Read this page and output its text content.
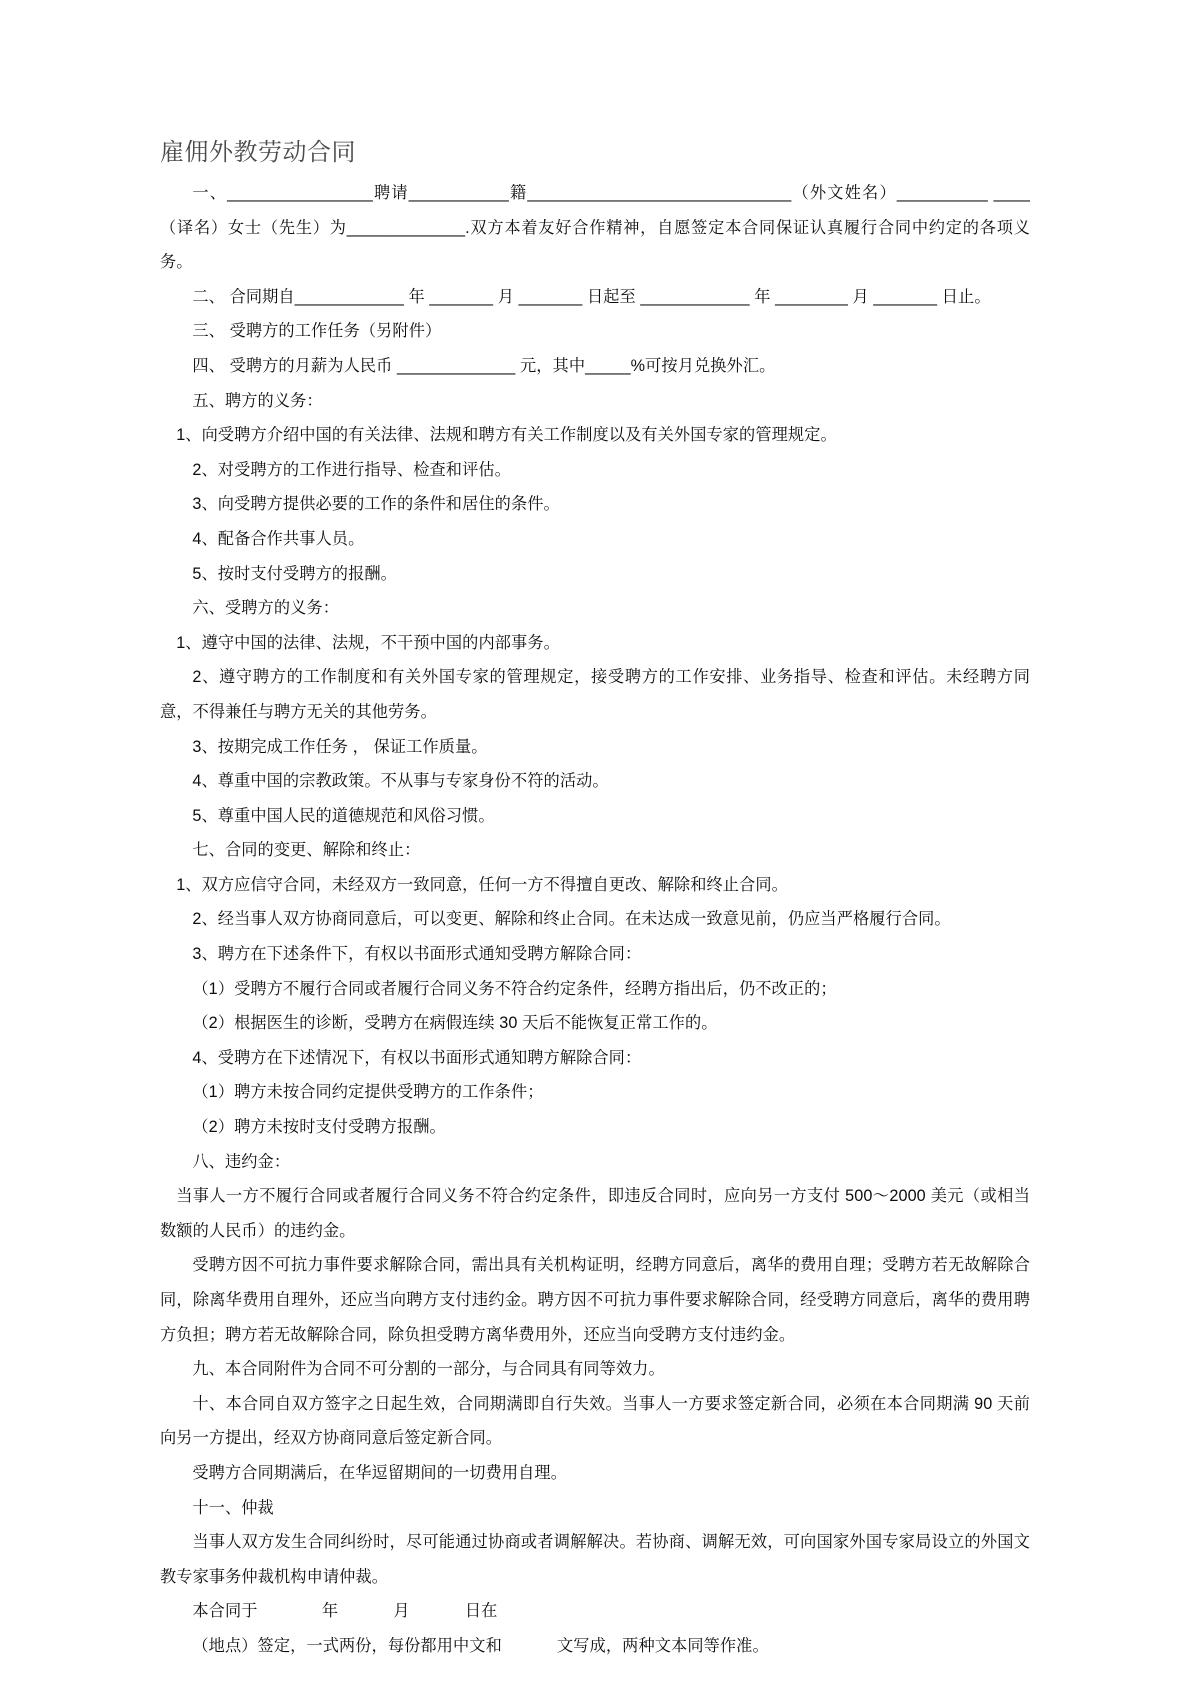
雇佣外教劳动合同

一、________________聘请___________籍_____________________________（外文姓名）__________ ____（译名）女士（先生）为_____________.双方本着友好合作精神，自愿签定本合同保证认真履行合同中约定的各项义务。

二、 合同期自____________ 年 _______ 月 _______ 日起至 ____________ 年 ________ 月 _______ 日止。

三、 受聘方的工作任务（另附件）

四、 受聘方的月薪为人民币 _____________ 元，其中_____%可按月兑换外汇。

五、聘方的义务：

1、向受聘方介绍中国的有关法律、法规和聘方有关工作制度以及有关外国专家的管理规定。

2、对受聘方的工作进行指导、检查和评估。

3、向受聘方提供必要的工作的条件和居住的条件。

4、配备合作共事人员。

5、按时支付受聘方的报酬。

六、受聘方的义务：

1、遵守中国的法律、法规，不干预中国的内部事务。

2、遵守聘方的工作制度和有关外国专家的管理规定，接受聘方的工作安排、业务指导、检查和评估。未经聘方同意，不得兼任与聘方无关的其他劳务。

3、按期完成工作任务 ， 保证工作质量。

4、尊重中国的宗教政策。不从事与专家身份不符的活动。

5、尊重中国人民的道德规范和风俗习惯。

七、合同的变更、解除和终止：

1、双方应信守合同，未经双方一致同意，任何一方不得擅自更改、解除和终止合同。

2、经当事人双方协商同意后，可以变更、解除和终止合同。在未达成一致意见前，仍应当严格履行合同。

3、聘方在下述条件下，有权以书面形式通知受聘方解除合同：

（1）受聘方不履行合同或者履行合同义务不符合约定条件，经聘方指出后，仍不改正的；

（2）根据医生的诊断，受聘方在病假连续 30 天后不能恢复正常工作的。

4、受聘方在下述情况下，有权以书面形式通知聘方解除合同：

（1）聘方未按合同约定提供受聘方的工作条件；

（2）聘方未按时支付受聘方报酬。

八、违约金：

当事人一方不履行合同或者履行合同义务不符合约定条件，即违反合同时，应向另一方支付 500～2000 美元（或相当数额的人民币）的违约金。

受聘方因不可抗力事件要求解除合同，需出具有关机构证明，经聘方同意后，离华的费用自理；受聘方若无故解除合同，除离华费用自理外，还应当向聘方支付违约金。聘方因不可抗力事件要求解除合同，经受聘方同意后，离华的费用聘方负担；聘方若无故解除合同，除负担受聘方离华费用外，还应当向受聘方支付违约金。

九、本合同附件为合同不可分割的一部分，与合同具有同等效力。

十、本合同自双方签字之日起生效，合同期满即自行失效。当事人一方要求签定新合同，必须在本合同期满 90 天前向另一方提出，经双方协商同意后签定新合同。

受聘方合同期满后，在华逗留期间的一切费用自理。

十一、仲裁

当事人双方发生合同纠纷时，尽可能通过协商或者调解解决。若协商、调解无效，可向国家外国专家局设立的外国文教专家事务仲裁机构申请仲裁。

本合同于              年            月            日在

（地点）签定，一式两份，每份都用中文和            文写成，两种文本同等作准。
